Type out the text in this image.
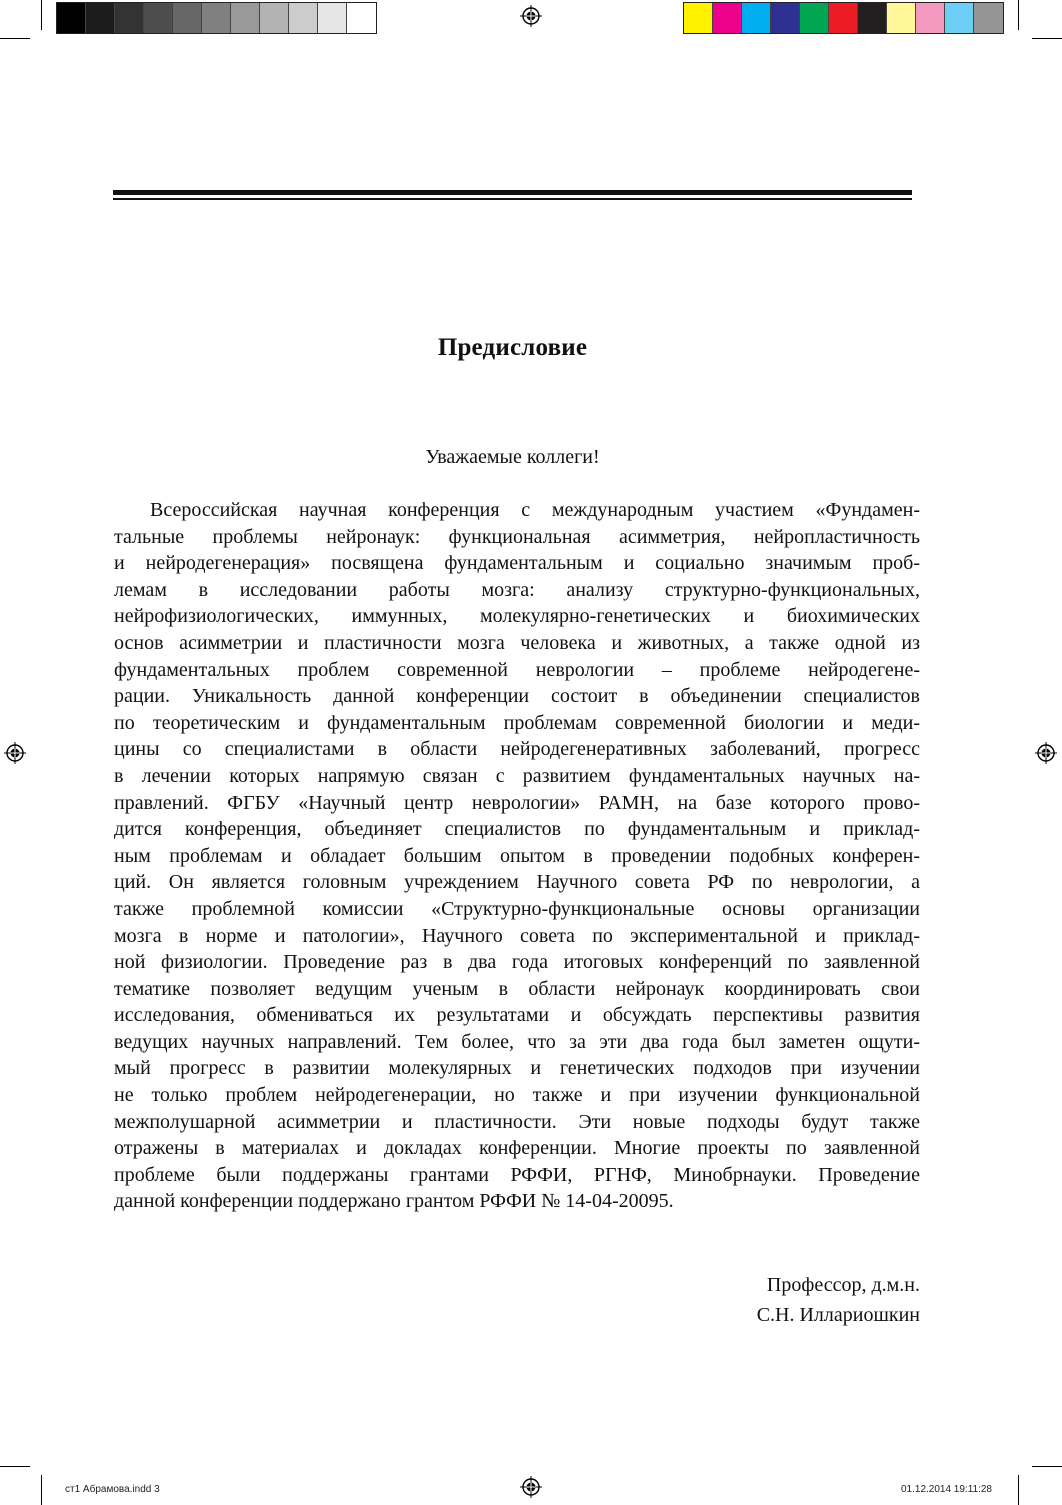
Предисловие
Уважаемые коллеги!
Всероссийская научная конференция с международным участием «Фундамен-
тальные проблемы нейронаук: функциональная асимметрия, нейропластичность
и нейродегенерация» посвящена фундаментальным и социально значимым проб-
лемам в исследовании работы мозга: анализу структурно-функциональных,
нейрофизиологических, иммунных, молекулярно-генетических и биохимических
основ асимметрии и пластичности мозга человека и животных, а также одной из
фундаментальных проблем современной неврологии – проблеме нейродегене-
рации. Уникальность данной конференции состоит в объединении специалистов
по теоретическим и фундаментальным проблемам современной биологии и меди-
цины со специалистами в области нейродегенеративных заболеваний, прогресс
в лечении которых напрямую связан с развитием фундаментальных научных на-
правлений. ФГБУ «Научный центр неврологии» РАМН, на базе которого прово-
дится конференция, объединяет специалистов по фундаментальным и приклад-
ным проблемам и обладает большим опытом в проведении подобных конферен-
ций. Он является головным учреждением Научного совета РФ по неврологии, а
также проблемной комиссии «Структурно-функциональные основы организации
мозга в норме и патологии», Научного совета по экспериментальной и приклад-
ной физиологии. Проведение раз в два года итоговых конференций по заявленной
тематике позволяет ведущим ученым в области нейронаук координировать свои
исследования, обмениваться их результатами и обсуждать перспективы развития
ведущих научных направлений. Тем более, что за эти два года был заметен ощути-
мый прогресс в развитии молекулярных и генетических подходов при изучении
не только проблем нейродегенерации, но также и при изучении функциональной
межполушарной асимметрии и пластичности. Эти новые подходы будут также
отражены в материалах и докладах конференции. Многие проекты по заявленной
проблеме были поддержаны грантами РФФИ, РГНФ, Минобрнауки. Проведение
данной конференции поддержано грантом РФФИ № 14-04-20095.
Профессор, д.м.н.
С.Н. Иллариошкин
ст1 Абрамова.indd 3	01.12.2014 19:11:28
